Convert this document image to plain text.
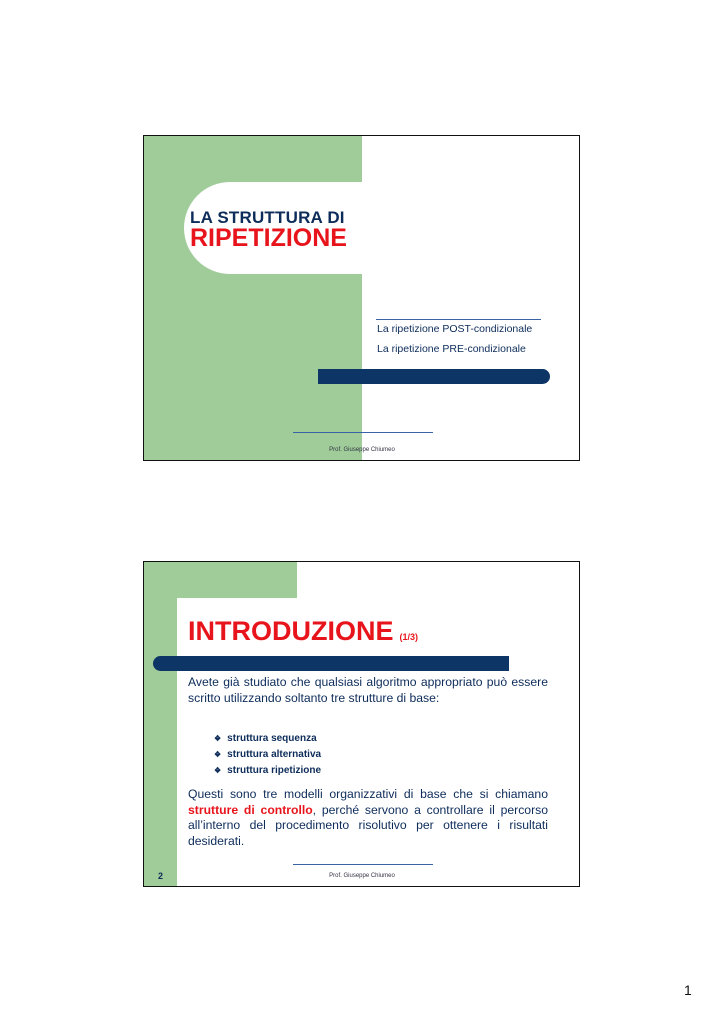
LA STRUTTURA DI
RIPETIZIONE
La ripetizione POST-condizionale
La ripetizione PRE-condizionale
Prof. Giuseppe Chiumeo
INTRODUZIONE (1/3)
Avete già studiato che qualsiasi algoritmo appropriato può essere scritto utilizzando soltanto tre strutture di base:
❖ struttura sequenza
❖ struttura alternativa
❖ struttura ripetizione
Questi sono tre modelli organizzativi di base che si chiamano strutture di controllo, perché servono a controllare il percorso all’interno del procedimento risolutivo per ottenere i risultati desiderati.
2	Prof. Giuseppe Chiumeo
1
